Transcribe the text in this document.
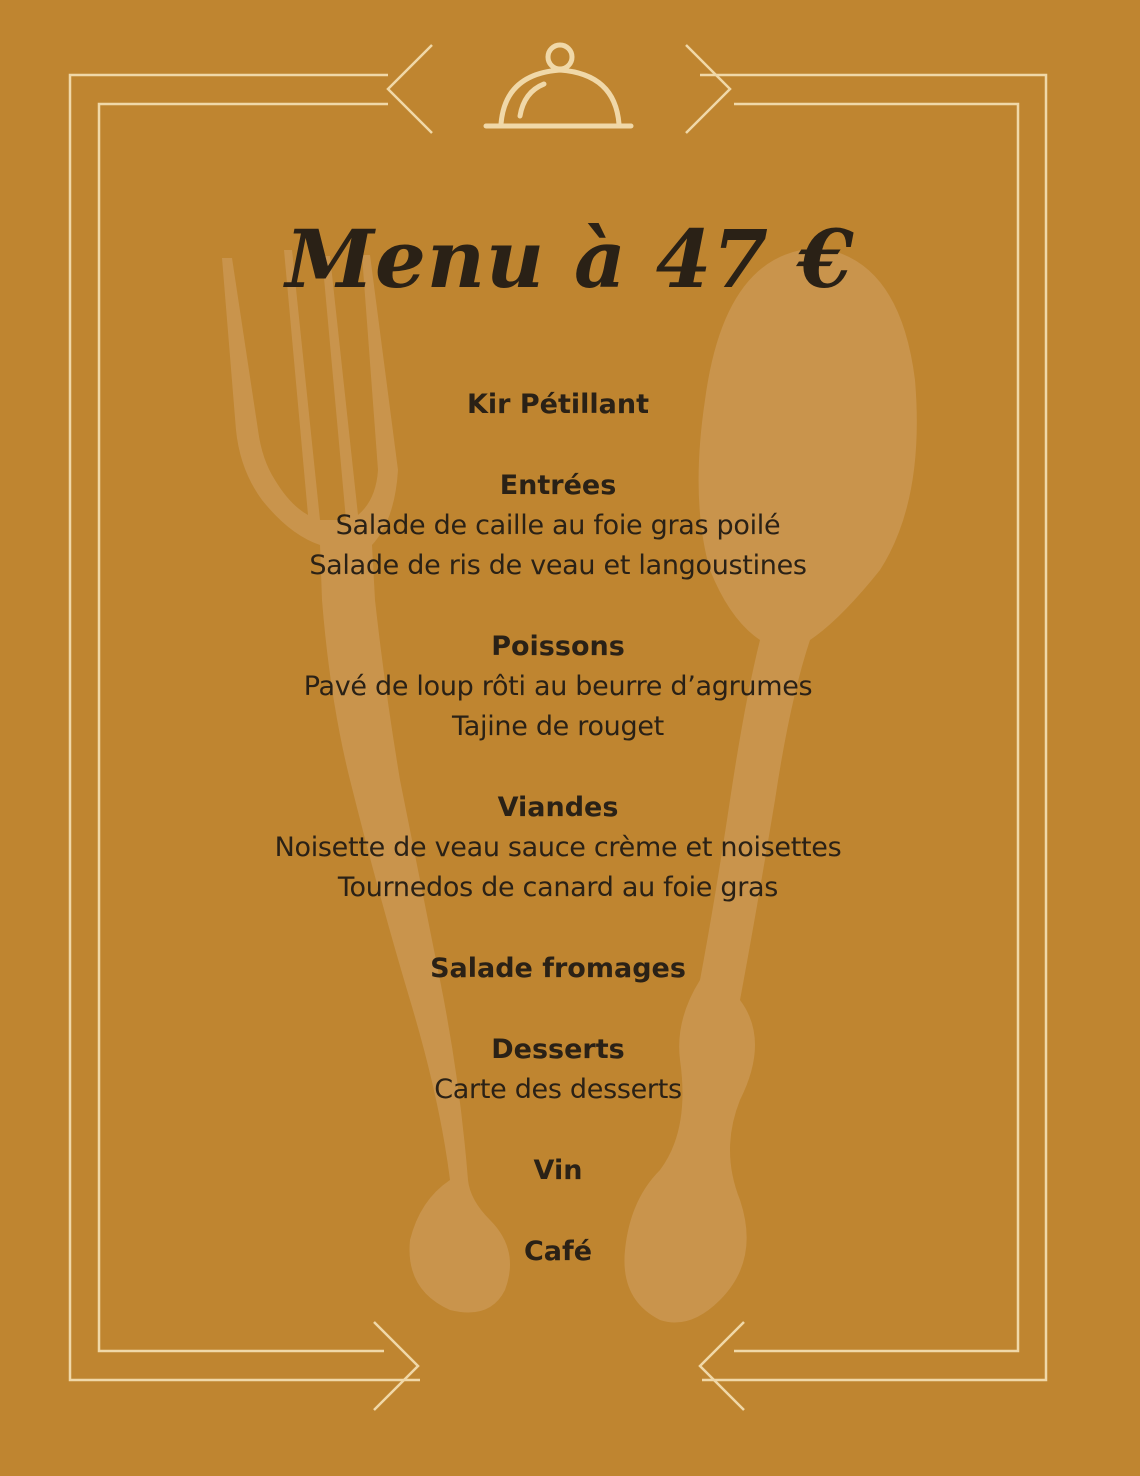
Menu à 47 €
Kir Pétillant
Entrées
Salade de caille au foie gras poilé
Salade de ris de veau et langoustines
Poissons
Pavé de loup rôti au beurre d’agrumes
Tajine de rouget
Viandes
Noisette de veau sauce crème et noisettes
Tournedos de canard au foie gras
Salade fromages
Desserts
Carte des desserts
Vin
Café
